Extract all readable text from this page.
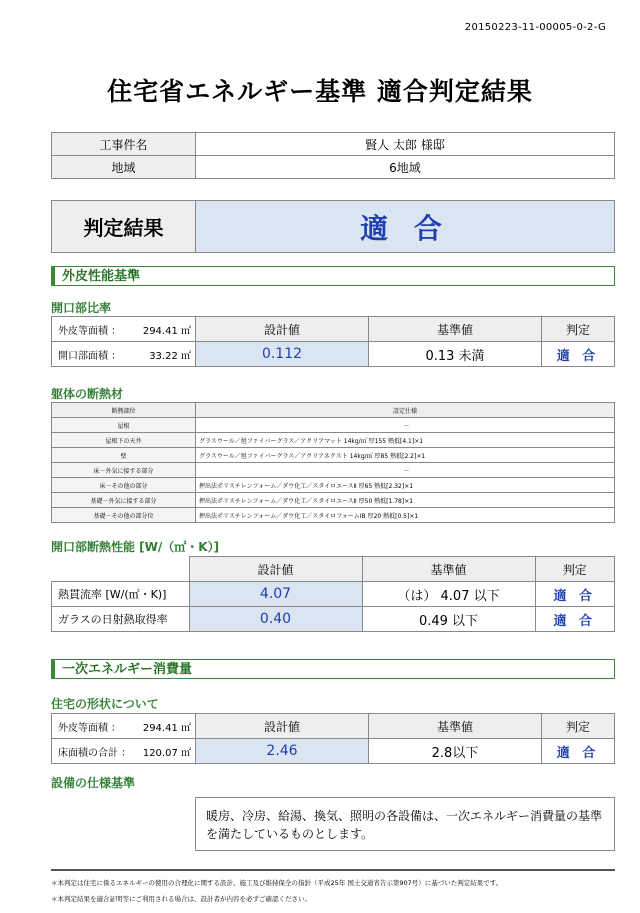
20150223-11-00005-0-2-G
住宅省エネルギー基準 適合判定結果
工事件名	賢人 太郎 様邸
地域	6地域
判定結果	適 合
外皮性能基準
開口部比率
外皮等面積 ： 294.41 ㎡	設計値	基準値	判定

開口部面積 ： 33.22 ㎡	0.112	0.13 未満	適 合
躯体の断熱材
断熱部位	設定仕様
屋根	－
屋根下の天井	グラスウール／旭ファイバーグラス／アクリアマット 14kg/㎥ 厚155 熱抵[4.1]×1
壁	グラスウール／旭ファイバーグラス／アクリアネクスト 14kg/㎥ 厚85 熱抵[2.2]×1
床－外気に接する部分	－
床－その他の部分	押出法ポリスチレンフォーム／ダウ化工／スタイロエースⅡ 厚65 熱抵[2.32]×1
基礎－外気に接する部分	押出法ポリスチレンフォーム／ダウ化工／スタイロエースⅡ 厚50 熱抵[1.78]×1
基礎－その他の部分位	押出法ポリスチレンフォーム／ダウ化工／スタイロフォームIB 厚20 熱抵[0.5]×1
開口部断熱性能 [W/（㎡・K）]
	設計値	基準値	判定
熱貫流率 [W/(㎡・K)]	4.07	（は） 4.07 以下	適 合
ガラスの日射熱取得率	0.40	0.49 以下	適 合
一次エネルギー消費量
住宅の形状について
外皮等面積 ： 294.41 ㎡	設計値	基準値	判定

床面積の合計 ： 120.07 ㎡	2.46	2.8以下	適 合
設備の仕様基準
暖房、冷房、給湯、換気、照明の各設備は、一次エネルギー消費量の基準を満たしているものとします。
＊本判定は住宅に係るエネルギーの使用の合理化に関する設計、施工及び維持保全の指針（平成25年 国土交通省告示第907号）に基づいた判定結果です。
＊本判定結果を適合証明等にご利用される場合は、設計者が内容を必ずご確認ください。
